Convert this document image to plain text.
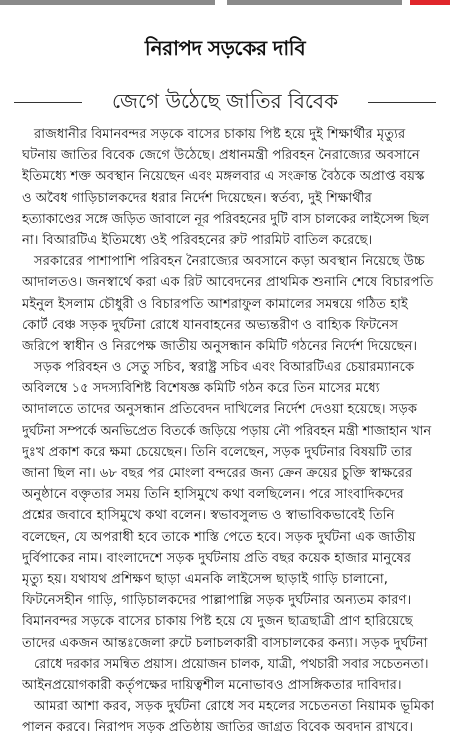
নিরাপদ সড়কের দাবি
জেগে উঠেছে জাতির বিবেক
রাজধানীর বিমানবন্দর সড়কে বাসের চাকায় পিষ্ট হয়ে দুই শিক্ষার্থীর মৃত্যুর
ঘটনায় জাতির বিবেক জেগে উঠেছে। প্রধানমন্ত্রী পরিবহন নৈরাজ্যের অবসানে
ইতিমধ্যে শক্ত অবস্থান নিয়েছেন এবং মঙ্গলবার এ সংক্রান্ত বৈঠকে অপ্রাপ্ত বয়স্ক
ও অবৈধ গাড়িচালকদের ধরার নির্দেশ দিয়েছেন। স্বর্তব্য, দুই শিক্ষার্থীর
হত্যাকাণ্ডের সঙ্গে জড়িত জাবালে নূর পরিবহনের দুটি বাস চালকের লাইসেন্স ছিল
না। বিআরটিএ ইতিমধ্যে ওই পরিবহনের রুট পারমিট বাতিল করেছে।
সরকারের পাশাপাশি পরিবহন নৈরাজ্যের অবসানে কড়া অবস্থান নিয়েছে উচ্চ
আদালতও। জনস্বার্থে করা এক রিট আবেদনের প্রাথমিক শুনানি শেষে বিচারপতি
মইনুল ইসলাম চৌধুরী ও বিচারপতি আশরাফুল কামালের সমন্বয়ে গঠিত হাই
কোর্ট বেঞ্চ সড়ক দুর্ঘটনা রোধে যানবাহনের অভ্যন্তরীণ ও বাহ্যিক ফিটনেস
জরিপে স্বাধীন ও নিরপেক্ষ জাতীয় অনুসন্ধান কমিটি গঠনের নির্দেশ দিয়েছেন।
সড়ক পরিবহন ও সেতু সচিব, স্বরাষ্ট্র সচিব এবং বিআরটিএর চেয়ারম্যানকে
অবিলম্বে ১৫ সদস্যবিশিষ্ট বিশেষজ্ঞ কমিটি গঠন করে তিন মাসের মধ্যে
আদালতে তাদের অনুসন্ধান প্রতিবেদন দাখিলের নির্দেশ দেওয়া হয়েছে। সড়ক
দুর্ঘটনা সম্পর্কে অনভিপ্রেত বিতর্কে জড়িয়ে পড়ায় নৌ পরিবহন মন্ত্রী শাজাহান খান
দুঃখ প্রকাশ করে ক্ষমা চেয়েছেন। তিনি বলেছেন, সড়ক দুর্ঘটনার বিষয়টি তার
জানা ছিল না। ৬৮ বছর পর মোংলা বন্দরের জন্য ক্রেন ক্রয়ের চুক্তি স্বাক্ষরের
অনুষ্ঠানে বক্তৃতার সময় তিনি হাসিমুখে কথা বলছিলেন। পরে সাংবাদিকদের
প্রশ্নের জবাবে হাসিমুখে কথা বলেন। স্বভাবসুলভ ও স্বাভাবিকভাবেই তিনি
বলেছেন, যে অপরাধী হবে তাকে শাস্তি পেতে হবে। সড়ক দুর্ঘটনা এক জাতীয়
দুর্বিপাকের নাম। বাংলাদেশে সড়ক দুর্ঘটনায় প্রতি বছর কয়েক হাজার মানুষের
মৃত্যু হয়। যথাযথ প্রশিক্ষণ ছাড়া এমনকি লাইসেন্স ছাড়াই গাড়ি চালানো,
ফিটনেসহীন গাড়ি, গাড়িচালকদের পাল্লাপাল্লি সড়ক দুর্ঘটনার অন্যতম কারণ।
বিমানবন্দর সড়কে বাসের চাকায় পিষ্ট হয়ে যে দুজন ছাত্রছাত্রী প্রাণ হারিয়েছে
তাদের একজন আন্তঃজেলা রুটে চলাচলকারী বাসচালকের কন্যা। সড়ক দুর্ঘটনা
রোধে দরকার সমন্বিত প্রয়াস। প্রয়োজন চালক, যাত্রী, পথচারী সবার সচেতনতা।
আইনপ্রয়োগকারী কর্তৃপক্ষের দায়িত্বশীল মনোভাবও প্রাসঙ্গিকতার দাবিদার।
আমরা আশা করব, সড়ক দুর্ঘটনা রোধে সব মহলের সচেতনতা নিয়ামক ভূমিকা
পালন করবে। নিরাপদ সড়ক প্রতিষ্ঠায় জাতির জাগ্রত বিবেক অবদান রাখবে।
